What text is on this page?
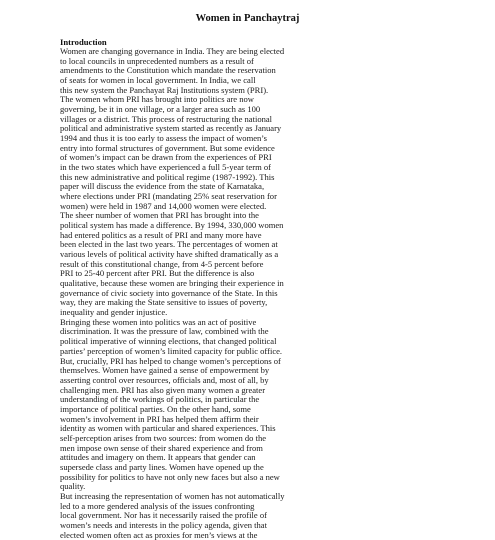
Women in Panchaytraj
Introduction
Women are changing governance in India. They are being elected
to local councils in unprecedented numbers as a result of
amendments to the Constitution which mandate the reservation
of seats for women in local government. In India, we call
this new system the Panchayat Raj Institutions system (PRI).
The women whom PRI has brought into politics are now
governing, be it in one village, or a larger area such as 100
villages or a district. This process of restructuring the national
political and administrative system started as recently as January
1994 and thus it is too early to assess the impact of women’s
entry into formal structures of government. But some evidence
of women’s impact can be drawn from the experiences of PRI
in the two states which have experienced a full 5-year term of
this new administrative and political regime (1987-1992). This
paper will discuss the evidence from the state of Karnataka,
where elections under PRI (mandating 25% seat reservation for
women) were held in 1987 and 14,000 women were elected.
The sheer number of women that PRI has brought into the
political system has made a difference. By 1994, 330,000 women
had entered politics as a result of PRI and many more have
been elected in the last two years. The percentages of women at
various levels of political activity have shifted dramatically as a
result of this constitutional change, from 4-5 percent before
PRI to 25-40 percent after PRI. But the difference is also
qualitative, because these women are bringing their experience in
governance of civic society into governance of the State. In this
way, they are making the State sensitive to issues of poverty,
inequality and gender injustice.
Bringing these women into politics was an act of positive
discrimination. It was the pressure of law, combined with the
political imperative of winning elections, that changed political
parties’ perception of women’s limited capacity for public office.
But, crucially, PRI has helped to change women’s perceptions of
themselves. Women have gained a sense of empowerment by
asserting control over resources, officials and, most of all, by
challenging men. PRI has also given many women a greater
understanding of the workings of politics, in particular the
importance of political parties. On the other hand, some
women’s involvement in PRI has helped them affirm their
identity as women with particular and shared experiences. This
self-perception arises from two sources: from women do the
men impose own sense of their shared experience and from
attitudes and imagery on them. It appears that gender can
supersede class and party lines. Women have opened up the
possibility for politics to have not only new faces but also a new
quality.
But increasing the representation of women has not automatically
led to a more gendered analysis of the issues confronting
local government. Nor has it necessarily raised the profile of
women’s needs and interests in the policy agenda, given that
elected women often act as proxies for men’s views at the
